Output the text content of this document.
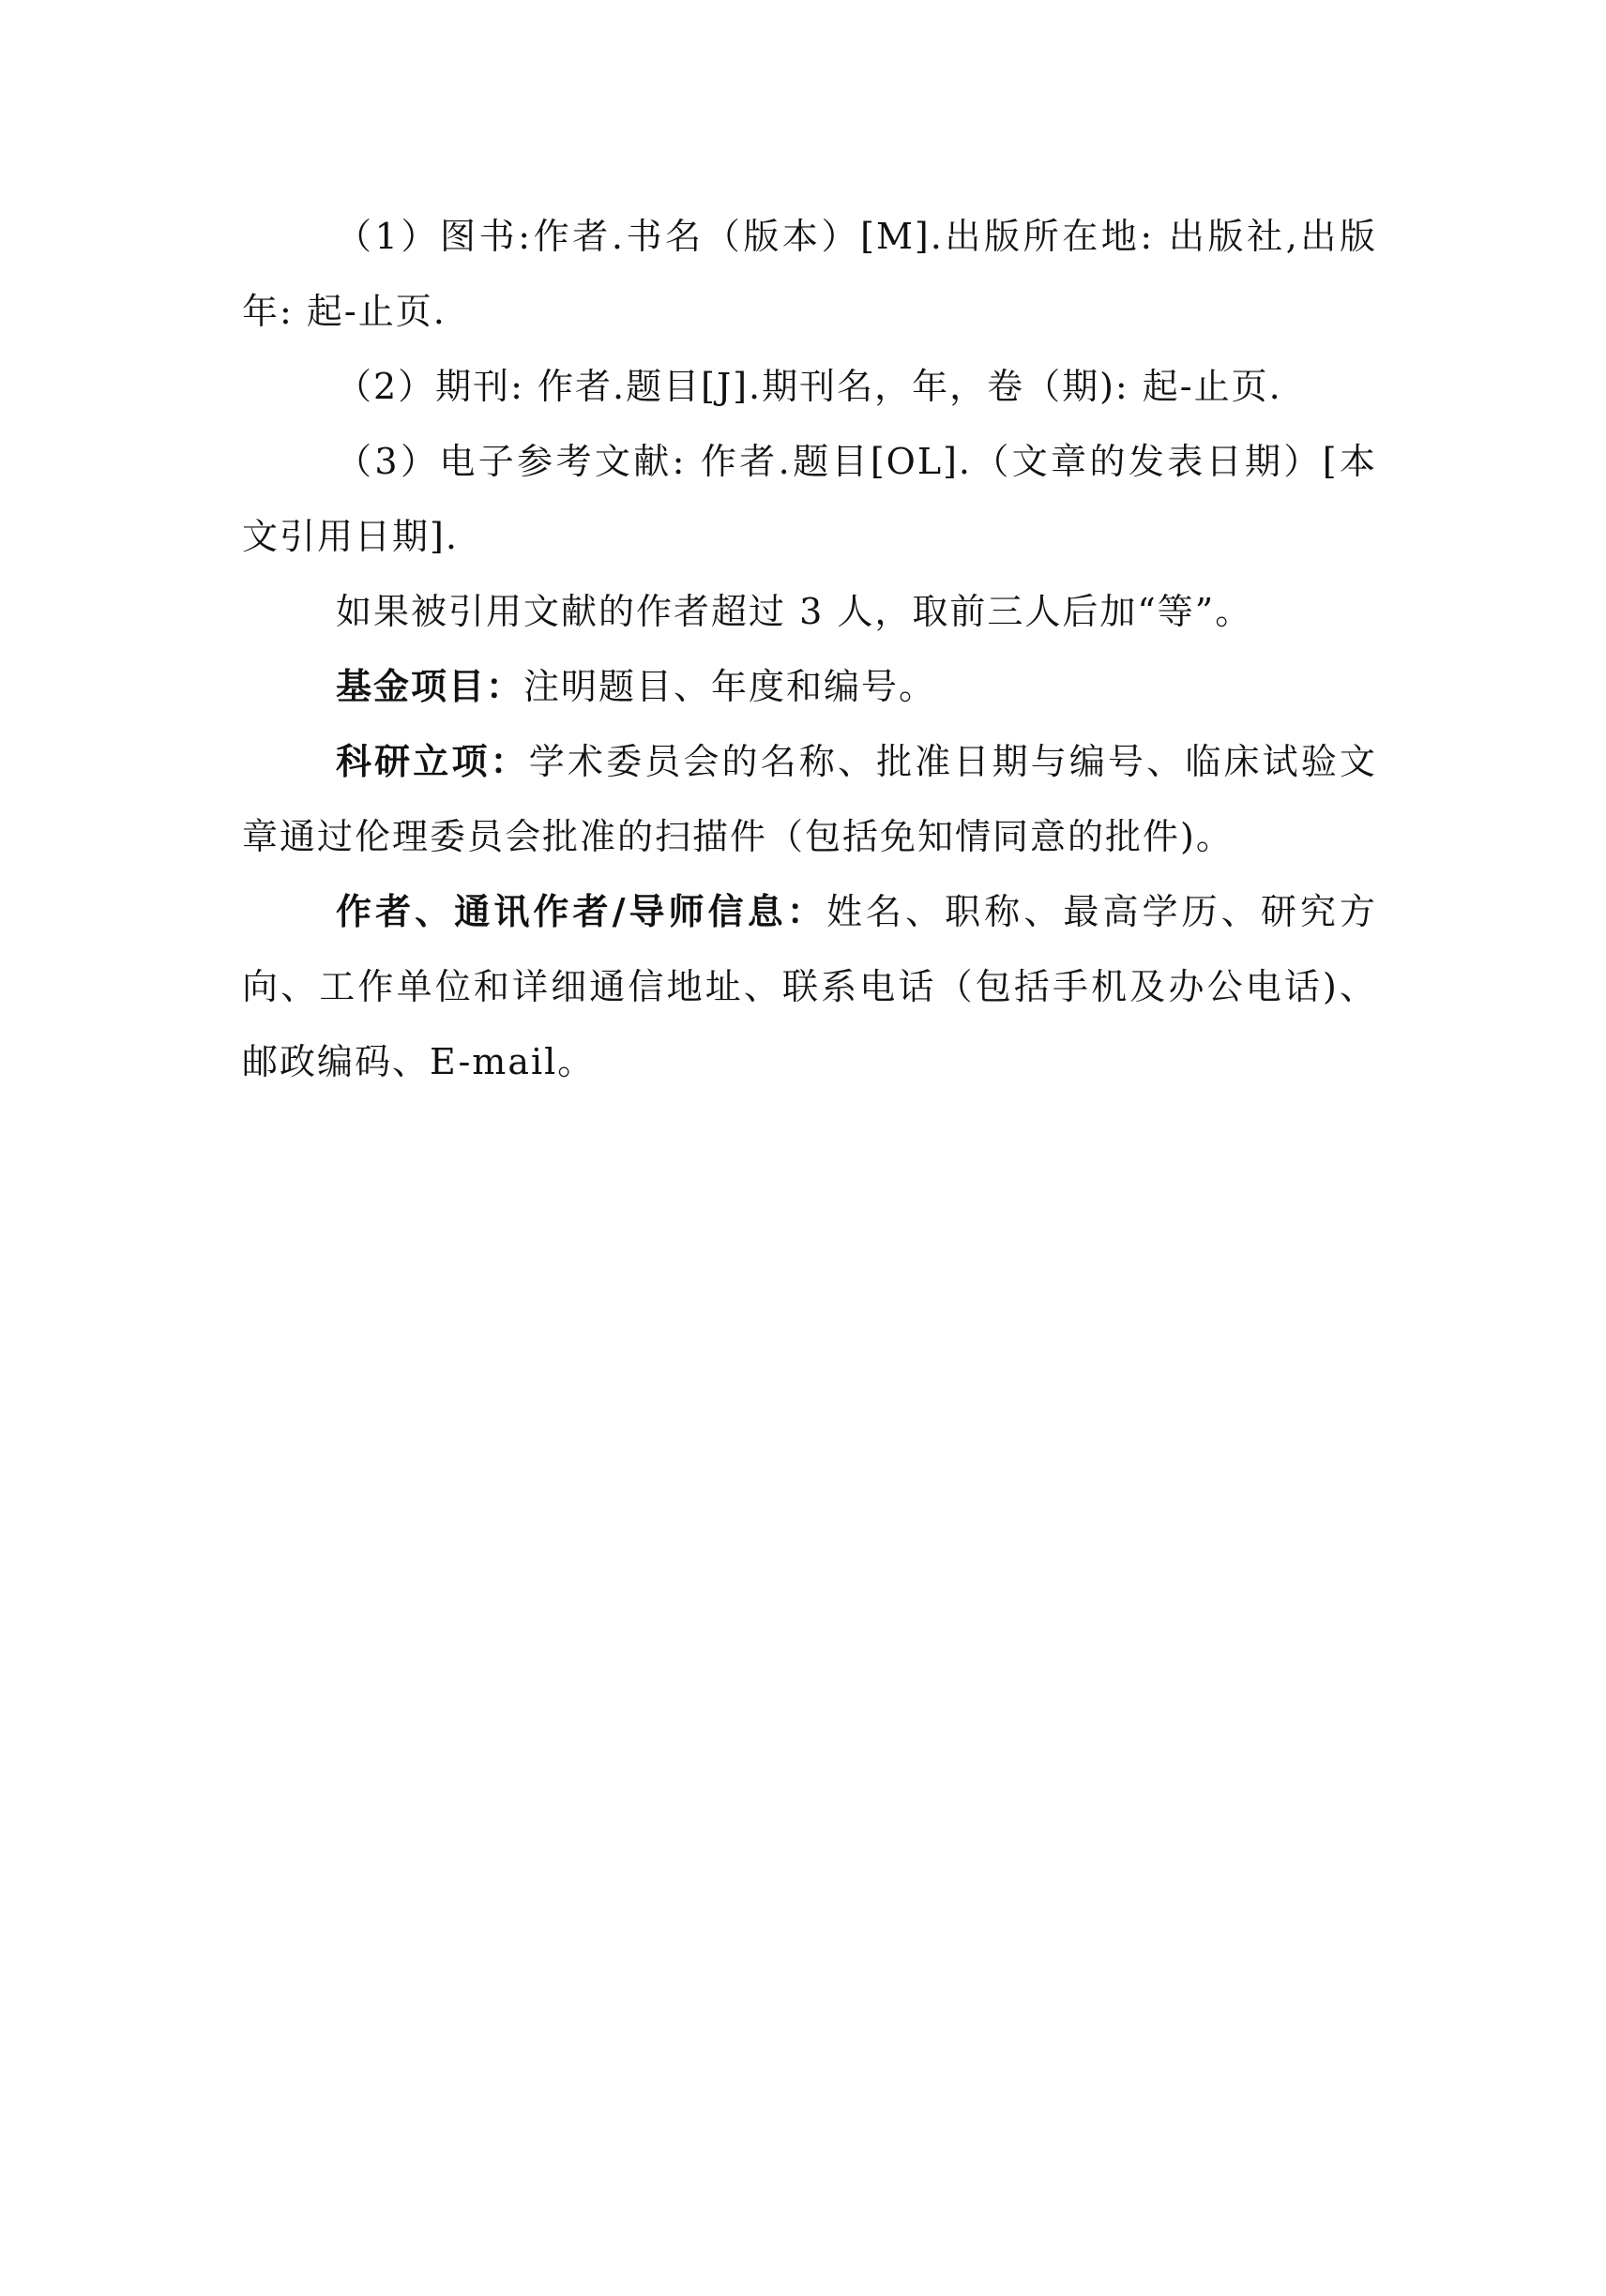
（1）图书:作者.书名（版本）[M].出版所在地: 出版社,出版年: 起-止页.

（2）期刊: 作者.题目[J].期刊名，年，卷（期): 起-止页.

（3）电子参考文献: 作者.题目[OL].（文章的发表日期）[本文引用日期].

如果被引用文献的作者超过 3 人，取前三人后加“等”。

基金项目：注明题目、年度和编号。

科研立项：学术委员会的名称、批准日期与编号、临床试验文章通过伦理委员会批准的扫描件（包括免知情同意的批件)。

作者、通讯作者/导师信息：姓名、职称、最高学历、研究方向、工作单位和详细通信地址、联系电话（包括手机及办公电话)、邮政编码、E-mail。
